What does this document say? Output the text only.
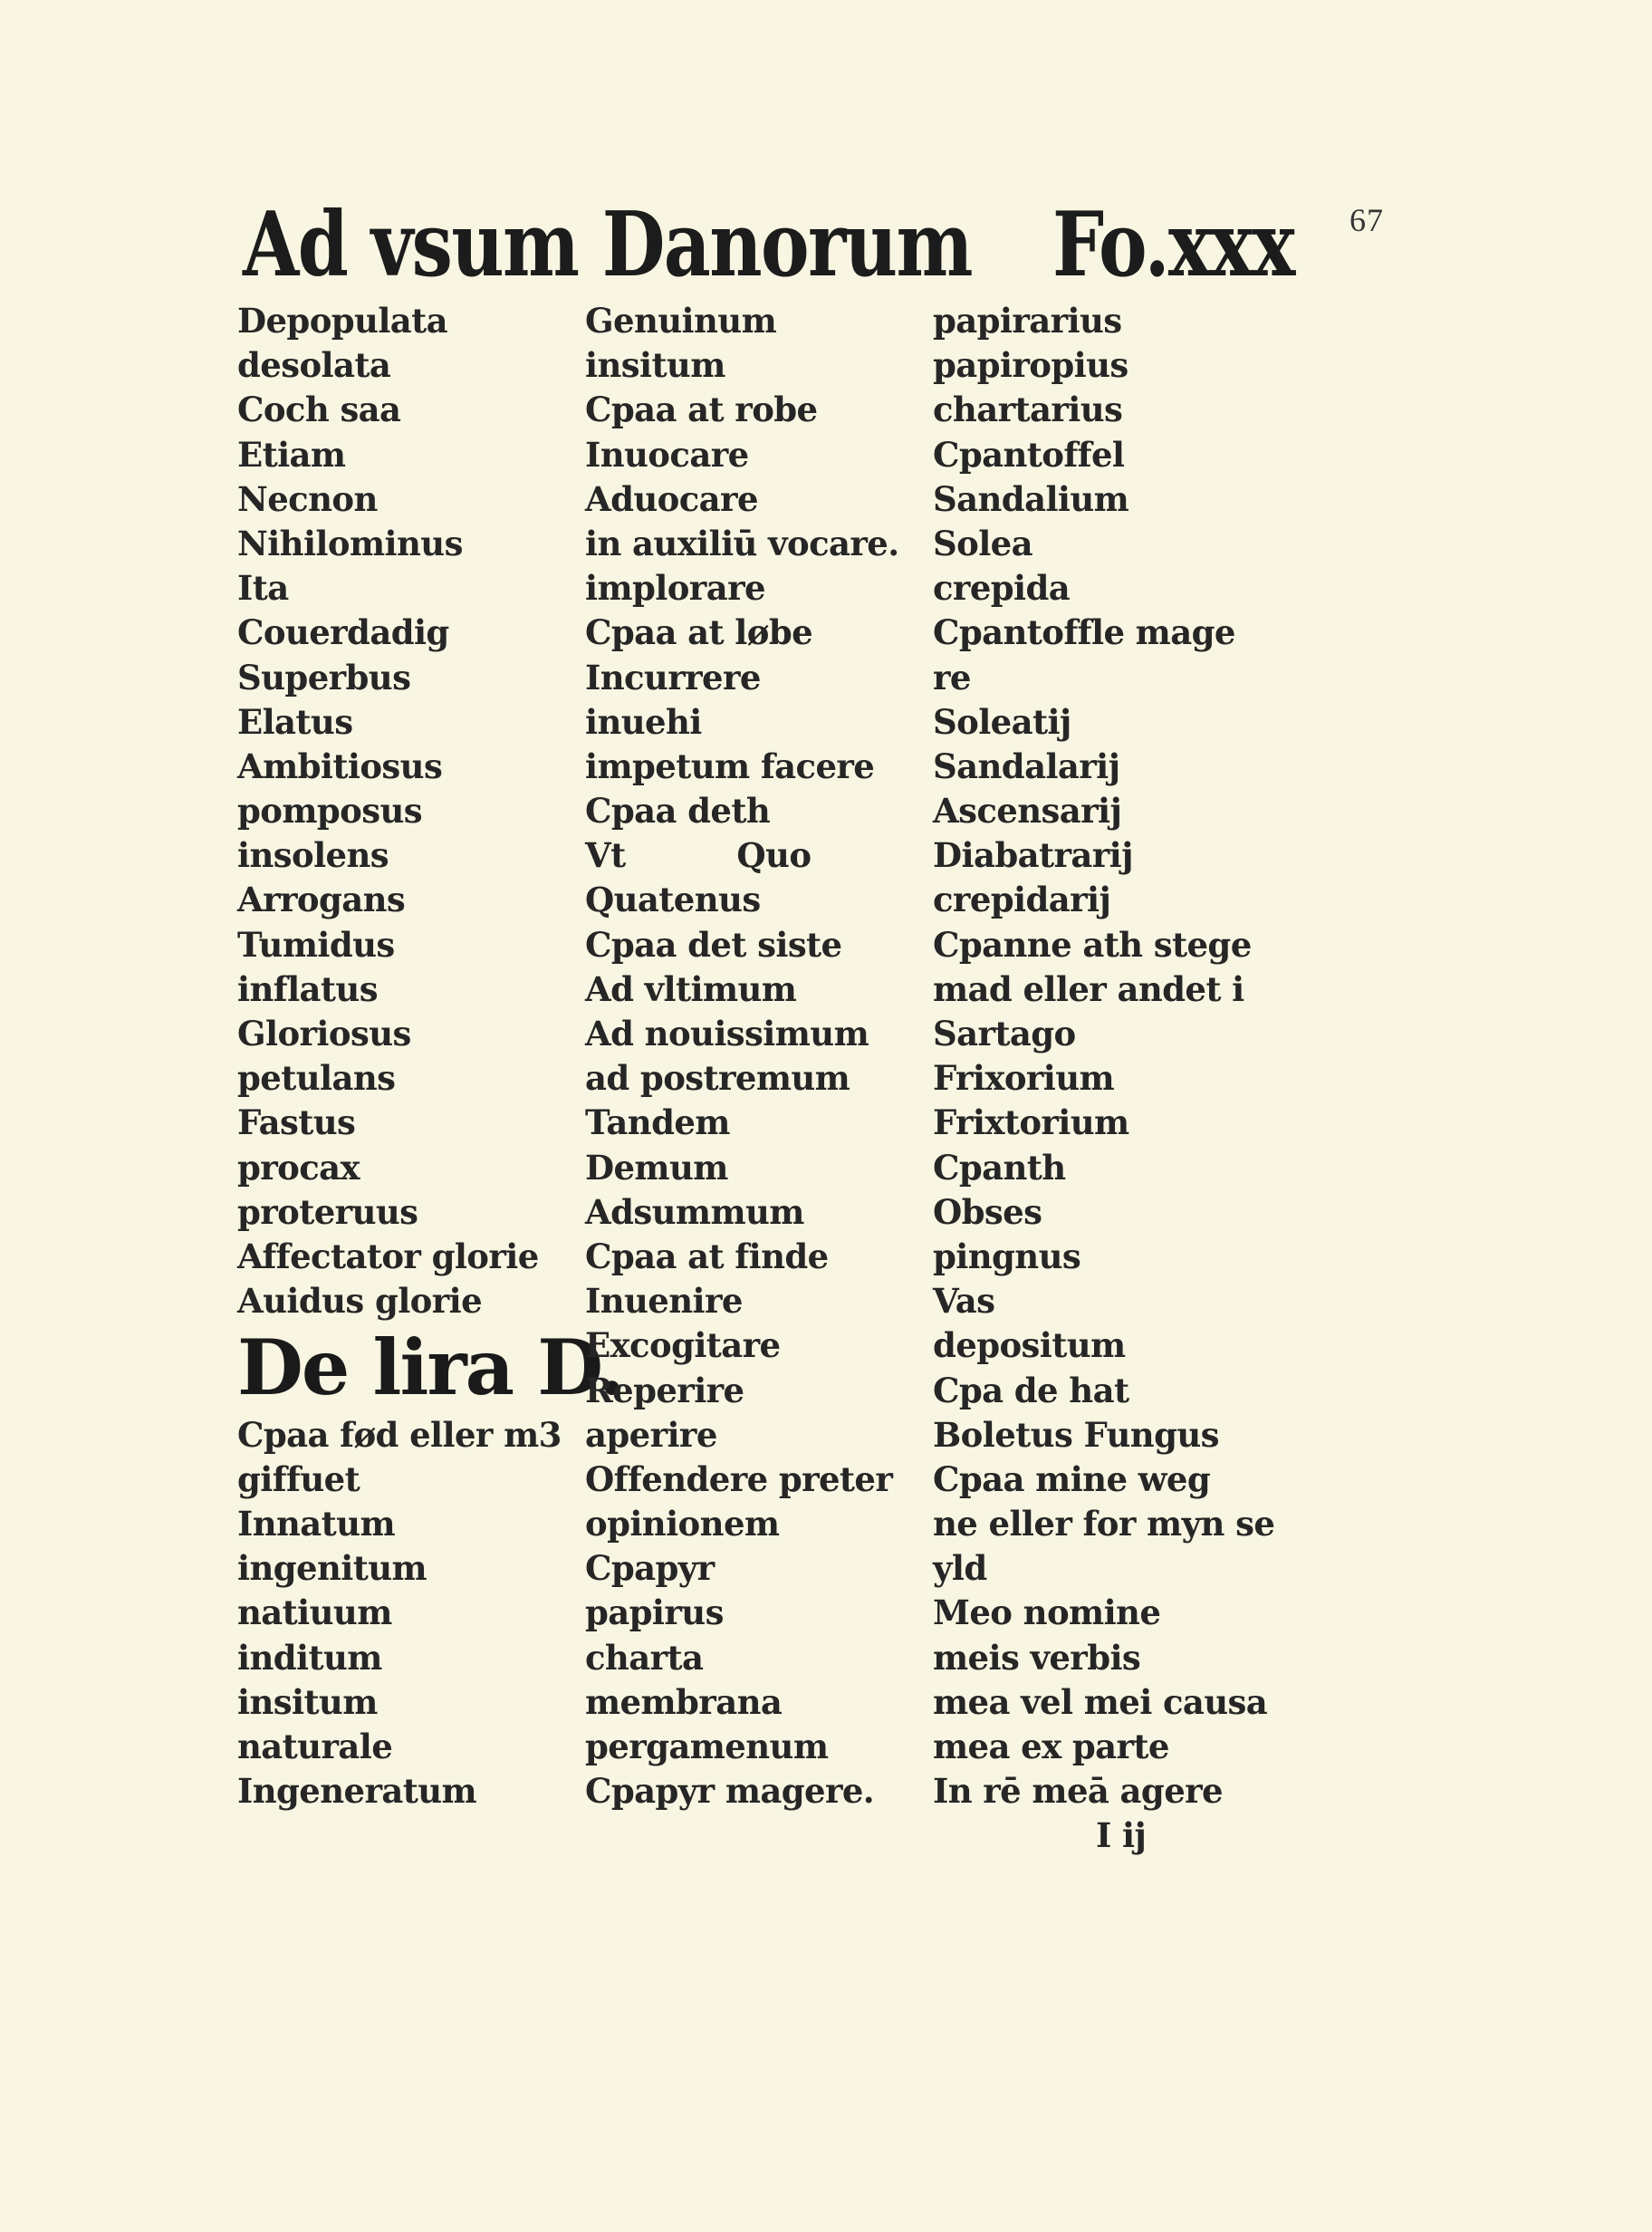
67
Ad vsum Danorum Fo.xxx
Depopulata
desolata
Coch saa
Etiam
Necnon
Nihilominus
Ita
Couerdadig
Superbus
Elatus
Ambitiosus
pomposus
insolens
Arrogans
Tumidus
inflatus
Gloriosus
petulans
Fastus
procax
proteruus
Affectator glorie
Auidus glorie
De lira D.
Cpaa fød eller m3
giffuet
Innatum
ingenitum
natiuum
inditum
insitum
naturale
Ingeneratum
Genuinum
insitum
Cpaa at robe
Inuocare
Aduocare
in auxiliū vocare.
implorare
Cpaa at løbe
Incurrere
inuehi
impetum facere
Cpaa deth
Vt          Quo
Quatenus
Cpaa det siste
Ad vltimum
Ad nouissimum
ad postremum
Tandem
Demum
Adsummum
Cpaa at finde
Inuenire
Excogitare
Reperire
aperire
Offendere preter
opinionem
Cpapyr
papirus
charta
membrana
pergamenum
Cpapyr magere.
papirarius
papiropius
chartarius
Cpantoffel
Sandalium
Solea
crepida
Cpantoffle mage
re
Soleatij
Sandalarij
Ascensarij
Diabatrarij
crepidarij
Cpanne ath stege
mad eller andet i
Sartago
Frixorium
Frixtorium
Cpanth
Obses
pingnus
Vas
depositum
Cpa de hat
Boletus Fungus
Cpaa mine weg
ne eller for myn se
yld
Meo nomine
meis verbis
mea vel mei causa
mea ex parte
In rē meā agere
I ij
